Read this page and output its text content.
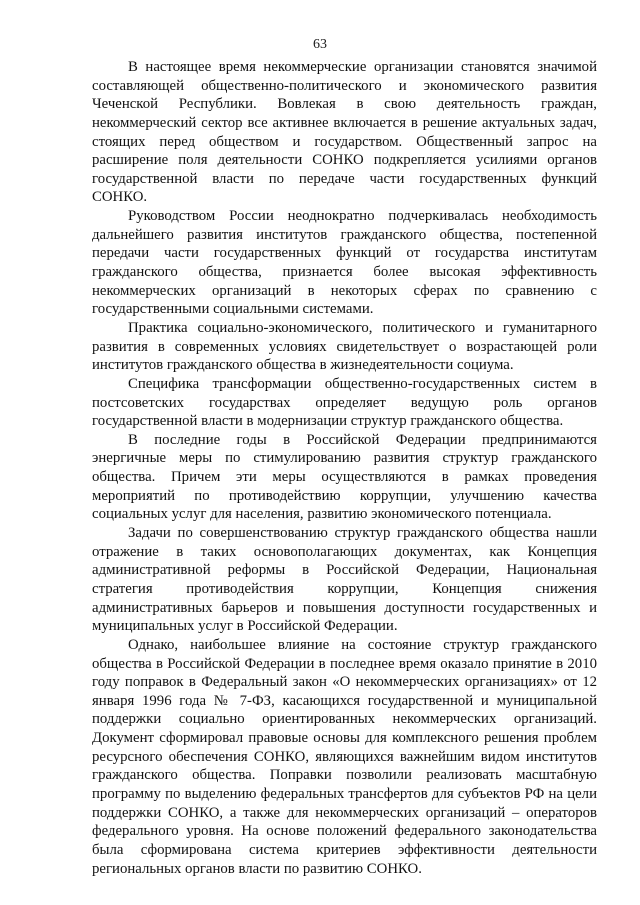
63
В настоящее время некоммерческие организации становятся значимой
составляющей общественно-политического и экономического развития
Чеченской Республики. Вовлекая в свою деятельность граждан,
некоммерческий сектор все активнее включается в решение актуальных задач,
стоящих перед обществом и государством. Общественный запрос на
расширение поля деятельности СОНКО подкрепляется усилиями органов
государственной власти по передаче части государственных функций
СОНКО.
Руководством России неоднократно подчеркивалась необходимость
дальнейшего развития институтов гражданского общества, постепенной
передачи части государственных функций от государства институтам
гражданского общества, признается более высокая эффективность
некоммерческих организаций в некоторых сферах по сравнению с
государственными социальными системами.
Практика социально-экономического, политического и гуманитарного
развития в современных условиях свидетельствует о возрастающей роли
институтов гражданского общества в жизнедеятельности социума.
Специфика трансформации общественно-государственных систем в
постсоветских государствах определяет ведущую роль органов
государственной власти в модернизации структур гражданского общества.
В последние годы в Российской Федерации предпринимаются
энергичные меры по стимулированию развития структур гражданского
общества. Причем эти меры осуществляются в рамках проведения
мероприятий по противодействию коррупции, улучшению качества
социальных услуг для населения, развитию экономического потенциала.
Задачи по совершенствованию структур гражданского общества нашли
отражение в таких основополагающих документах, как Концепция
административной реформы в Российской Федерации, Национальная
стратегия противодействия коррупции, Концепция снижения
административных барьеров и повышения доступности государственных и
муниципальных услуг в Российской Федерации.
Однако, наибольшее влияние на состояние структур гражданского
общества в Российской Федерации в последнее время оказало принятие в 2010
году поправок в Федеральный закон «О некоммерческих организациях» от 12
января 1996 года № 7-ФЗ, касающихся государственной и муниципальной
поддержки социально ориентированных некоммерческих организаций.
Документ сформировал правовые основы для комплексного решения проблем
ресурсного обеспечения СОНКО, являющихся важнейшим видом институтов
гражданского общества. Поправки позволили реализовать масштабную
программу по выделению федеральных трансфертов для субъектов РФ на цели
поддержки СОНКО, а также для некоммерческих организаций – операторов
федерального уровня. На основе положений федерального законодательства
была сформирована система критериев эффективности деятельности
региональных органов власти по развитию СОНКО.
